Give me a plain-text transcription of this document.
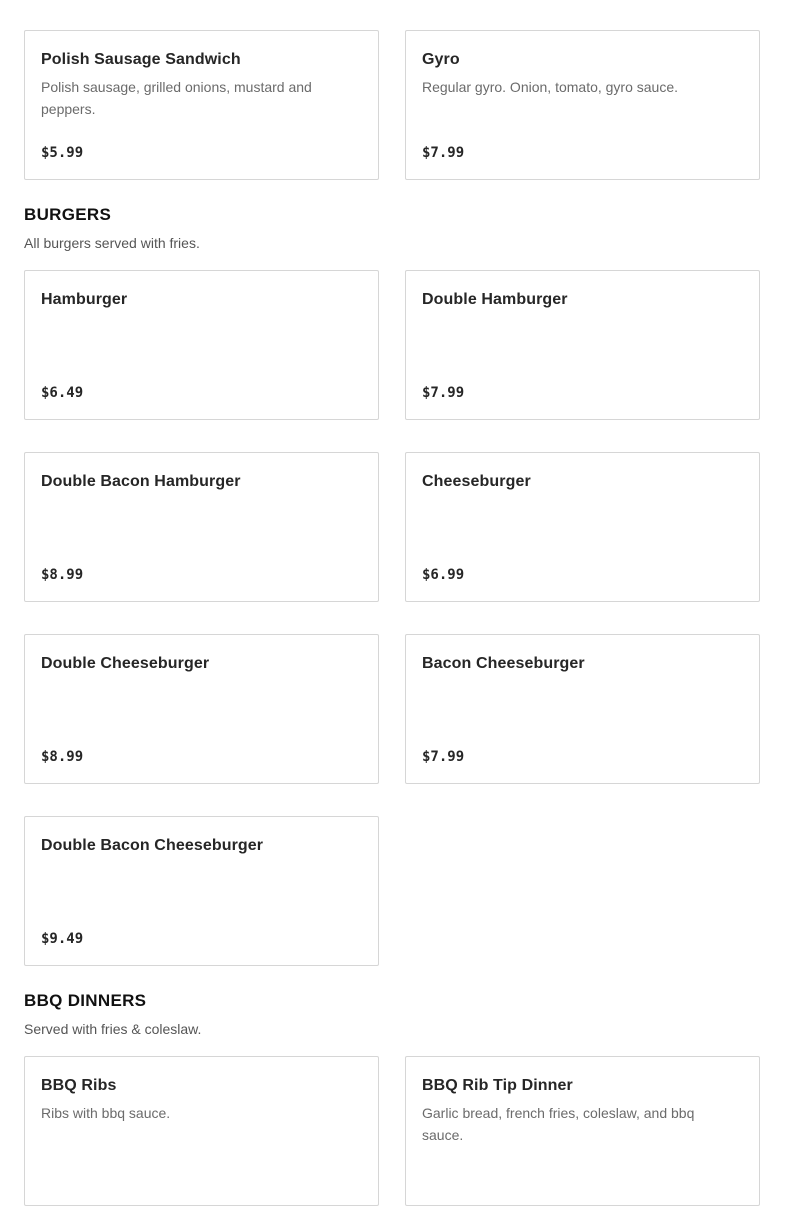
Polish Sausage Sandwich
Polish sausage, grilled onions, mustard and peppers.
$5.99
Gyro
Regular gyro. Onion, tomato, gyro sauce.
$7.99
BURGERS

All burgers served with fries.

Hamburger
$6.49
Double Hamburger
$7.99
Double Bacon Hamburger
$8.99
Cheeseburger
$6.99
Double Cheeseburger
$8.99
Bacon Cheeseburger
$7.99
Double Bacon Cheeseburger
$9.49
BBQ DINNERS

Served with fries & coleslaw.

BBQ Ribs
Ribs with bbq sauce.
BBQ Rib Tip Dinner
Garlic bread, french fries, coleslaw, and bbq sauce.
